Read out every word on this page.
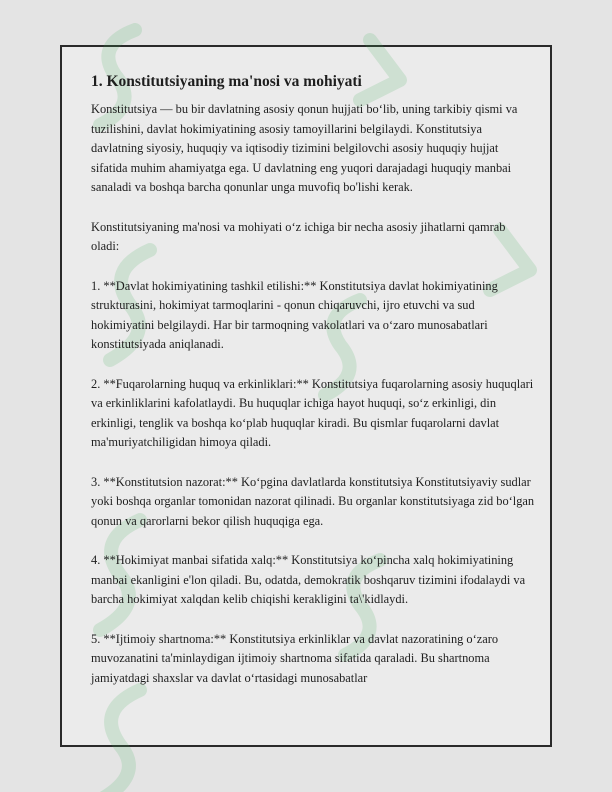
1. Konstitutsiyaning ma'nosi va mohiyati

Konstitutsiya — bu bir davlatning asosiy qonun hujjati bo‘lib, uning tarkibiy qismi va tuzilishini, davlat hokimiyatining asosiy tamoyillarini belgilaydi. Konstitutsiya davlatning siyosiy, huquqiy va iqtisodiy tizimini belgilovchi asosiy huquqiy hujjat sifatida muhim ahamiyatga ega. U davlatning eng yuqori darajadagi huquqiy manbai sanaladi va boshqa barcha qonunlar unga muvofiq bo'lishi kerak.

Konstitutsiyaning ma'nosi va mohiyati o‘z ichiga bir necha asosiy jihatlarni qamrab oladi:

1. **Davlat hokimiyatining tashkil etilishi:** Konstitutsiya davlat hokimiyatining strukturasini, hokimiyat tarmoqlarini - qonun chiqaruvchi, ijro etuvchi va sud hokimiyatini belgilaydi. Har bir tarmoqning vakolatlari va o‘zaro munosabatlari konstitutsiyada aniqlanadi.

2. **Fuqarolarning huquq va erkinliklari:** Konstitutsiya fuqarolarning asosiy huquqlari va erkinliklarini kafolatlaydi. Bu huquqlar ichiga hayot huquqi, so‘z erkinligi, din erkinligi, tenglik va boshqa ko‘plab huquqlar kiradi. Bu qismlar fuqarolarni davlat ma'muriyatchiligidan himoya qiladi.

3. **Konstitutsion nazorat:** Ko‘pgina davlatlarda konstitutsiya Konstitutsiyaviy sudlar yoki boshqa organlar tomonidan nazorat qilinadi. Bu organlar konstitutsiyaga zid bo‘lgan qonun va qarorlarni bekor qilish huquqiga ega.

4. **Hokimiyat manbai sifatida xalq:** Konstitutsiya ko‘pincha xalq hokimiyatining manbai ekanligini e'lon qiladi. Bu, odatda, demokratik boshqaruv tizimini ifodalaydi va barcha hokimiyat xalqdan kelib chiqishi kerakligini ta\'kidlaydi.

5. **Ijtimoiy shartnoma:** Konstitutsiya erkinliklar va davlat nazoratining o‘zaro muvozanatini ta'minlaydigan ijtimoiy shartnoma sifatida qaraladi. Bu shartnoma jamiyatdagi shaxslar va davlat o‘rtasidagi munosabatlar
